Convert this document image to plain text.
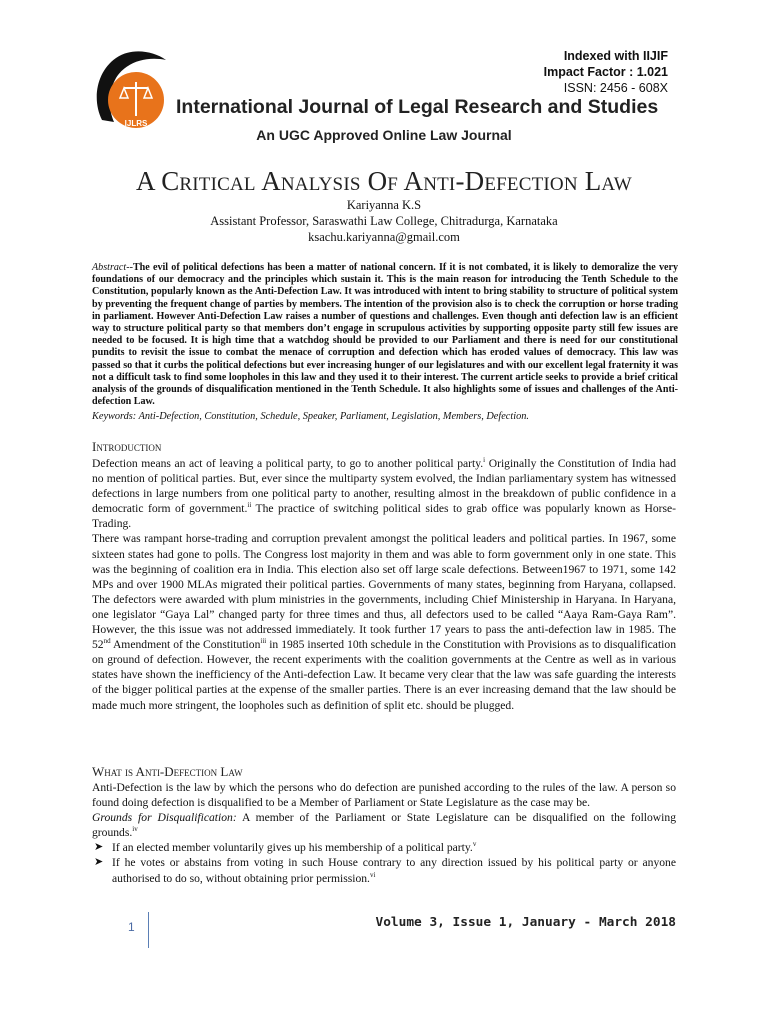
IJLRS
Indexed with IIJIF
Impact Factor : 1.021
ISSN: 2456 - 608X
International Journal of Legal Research and Studies
An UGC Approved Online Law Journal
A Critical Analysis Of Anti-Defection Law
Kariyanna K.S
Assistant Professor, Saraswathi Law College, Chitradurga, Karnataka
ksachu.kariyanna@gmail.com
Abstract--The evil of political defections has been a matter of national concern. If it is not combated, it is likely to demoralize the very foundations of our democracy and the principles which sustain it. This is the main reason for introducing the Tenth Schedule to the Constitution, popularly known as the Anti-Defection Law. It was introduced with intent to bring stability to structure of political system by preventing the frequent change of parties by members. The intention of the provision also is to check the corruption or horse trading in parliament. However Anti-Defection Law raises a number of questions and challenges. Even though anti defection law is an efficient way to structure political party so that members don’t engage in scrupulous activities by supporting opposite party still few issues are needed to be focused. It is high time that a watchdog should be provided to our Parliament and there is need for our constitutional pundits to revisit the issue to combat the menace of corruption and defection which has eroded values of democracy. This law was passed so that it curbs the political defections but ever increasing hunger of our legislatures and with our excellent legal fraternity it was not a difficult task to find some loopholes in this law and they used it to their interest. The current article seeks to provide a brief critical analysis of the grounds of disqualification mentioned in the Tenth Schedule. It also highlights some of issues and challenges of the Anti-defection Law.
Keywords: Anti-Defection, Constitution, Schedule, Speaker, Parliament, Legislation, Members, Defection.
Introduction

Defection means an act of leaving a political party, to go to another political party.$^i$ Originally the Constitution of India had no mention of political parties. But, ever since the multiparty system evolved, the Indian parliamentary system has witnessed defections in large numbers from one political party to another, resulting almost in the breakdown of public confidence in a democratic form of government.$^{ii}$ The practice of switching political sides to grab office was popularly known as Horse-Trading.

There was rampant horse-trading and corruption prevalent amongst the political leaders and political parties. In 1967, some sixteen states had gone to polls. The Congress lost majority in them and was able to form government only in one state. This was the beginning of coalition era in India. This election also set off large scale defections. Between1967 to 1971, some 142 MPs and over 1900 MLAs migrated their political parties. Governments of many states, beginning from Haryana, collapsed. The defectors were awarded with plum ministries in the governments, including Chief Ministership in Haryana. In Haryana, one legislator “Gaya Lal” changed party for three times and thus, all defectors used to be called “Aaya Ram-Gaya Ram”. However, the this issue was not addressed immediately. It took further 17 years to pass the anti-defection law in 1985. The 52nd Amendment of the Constitution$^{iii}$ in 1985 inserted 10th schedule in the Constitution with Provisions as to disqualification on ground of defection. However, the recent experiments with the coalition governments at the Centre as well as in various states have shown the inefficiency of the Anti-defection Law. It became very clear that the law was safe guarding the interests of the bigger political parties at the expense of the smaller parties. There is an ever increasing demand that the law should be made much more stringent, the loopholes such as definition of split etc. should be plugged.

What is Anti-Defection Law

Anti-Defection is the law by which the persons who do defection are punished according to the rules of the law. A person so found doing defection is disqualified to be a Member of Parliament or State Legislature as the case may be.

Grounds for Disqualification: A member of the Parliament or State Legislature can be disqualified on the following grounds.$^{iv}$

➤ If an elected member voluntarily gives up his membership of a political party.$^v$
➤ If he votes or abstains from voting in such House contrary to any direction issued by his political party or anyone authorised to do so, without obtaining prior permission.$^{vi}$
1	Volume 3, Issue 1, January - March 2018
